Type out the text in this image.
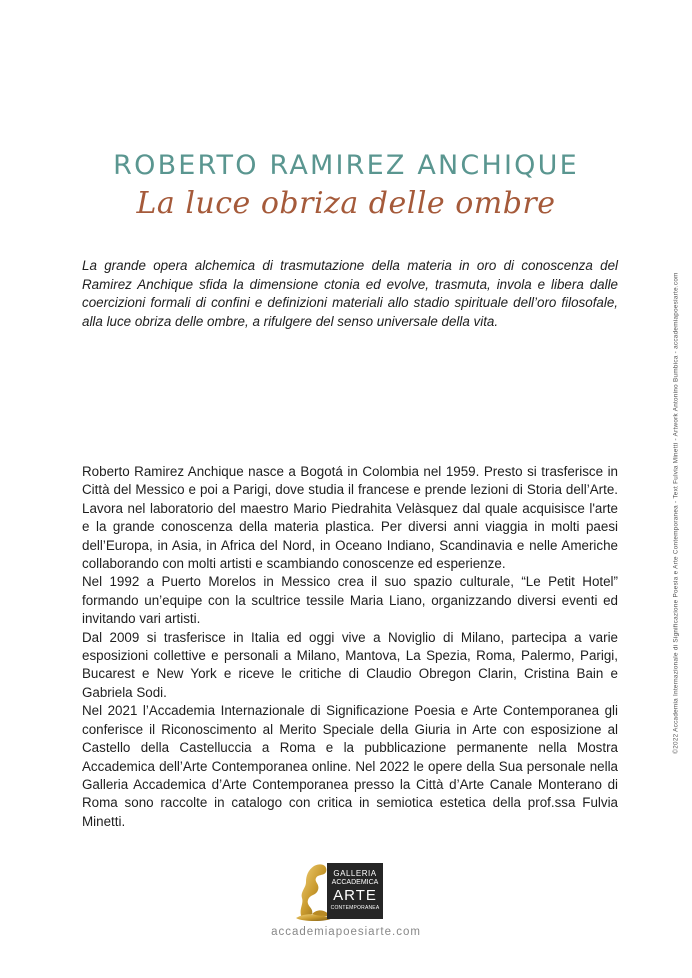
ROBERTO RAMIREZ ANCHIQUE
La luce obriza delle ombre

La grande opera alchemica di trasmutazione della materia in oro di conoscenza del Ramirez Anchique sfida la dimensione ctonia ed evolve, trasmuta, involа e libera dalle coercizioni formali di confini e definizioni materiali allo stadio spirituale dell’oro filosofale, alla luce obriza delle ombre, a rifulgere del senso universale della vita.

Roberto Ramirez Anchique nasce a Bogotá in Colombia nel 1959. Presto si trasferisce in Città del Messico e poi a Parigi, dove studia il francese e prende lezioni di Storia dell’Arte. Lavora nel laboratorio del maestro Mario Piedrahita Velàsquez dal quale acquisisce l'arte e la grande conoscenza della materia plastica. Per diversi anni viaggia in molti paesi dell’Europa, in Asia, in Africa del Nord, in Oceano Indiano, Scandinavia e nelle Americhe collaborando con molti artisti e scambiando conoscenze ed esperienze.

Nel 1992 a Puerto Morelos in Messico crea il suo spazio culturale, “Le Petit Hotel” formando un’equipe con la scultrice tessile Maria Liano, organizzando diversi eventi ed invitando vari artisti.

Dal 2009 si trasferisce in Italia ed oggi vive a Noviglio di Milano, partecipa a varie esposizioni collettive e personali a Milano, Mantova, La Spezia, Roma, Palermo, Parigi, Bucarest e New York e riceve le critiche di Claudio Obregon Clarin, Cristina Bain e Gabriela Sodi.

Nel 2021 l’Accademia Internazionale di Significazione Poesia e Arte Contemporanea gli conferisce il Riconoscimento al Merito Speciale della Giuria in Arte con esposizione al Castello della Castelluccia a Roma e la pubblicazione permanente nella Mostra Accademica dell’Arte Contemporanea online. Nel 2022 le opere della Sua personale nella Galleria Accademica d’Arte Contemporanea presso la Città d’Arte Canale Monterano di Roma sono raccolte in catalogo con critica in semiotica estetica della prof.ssa Fulvia Minetti.

©2022 Accademia Internazionale di Significazione Poesia e Arte Contemporanea - Text Fulvia Minetti - Artwork Antonino Bumbica - accademiapoesiarte.com
GALLERIA
ACCADEMICA
ARTE
CONTEMPORANEA
accademiapoesiarte.com
